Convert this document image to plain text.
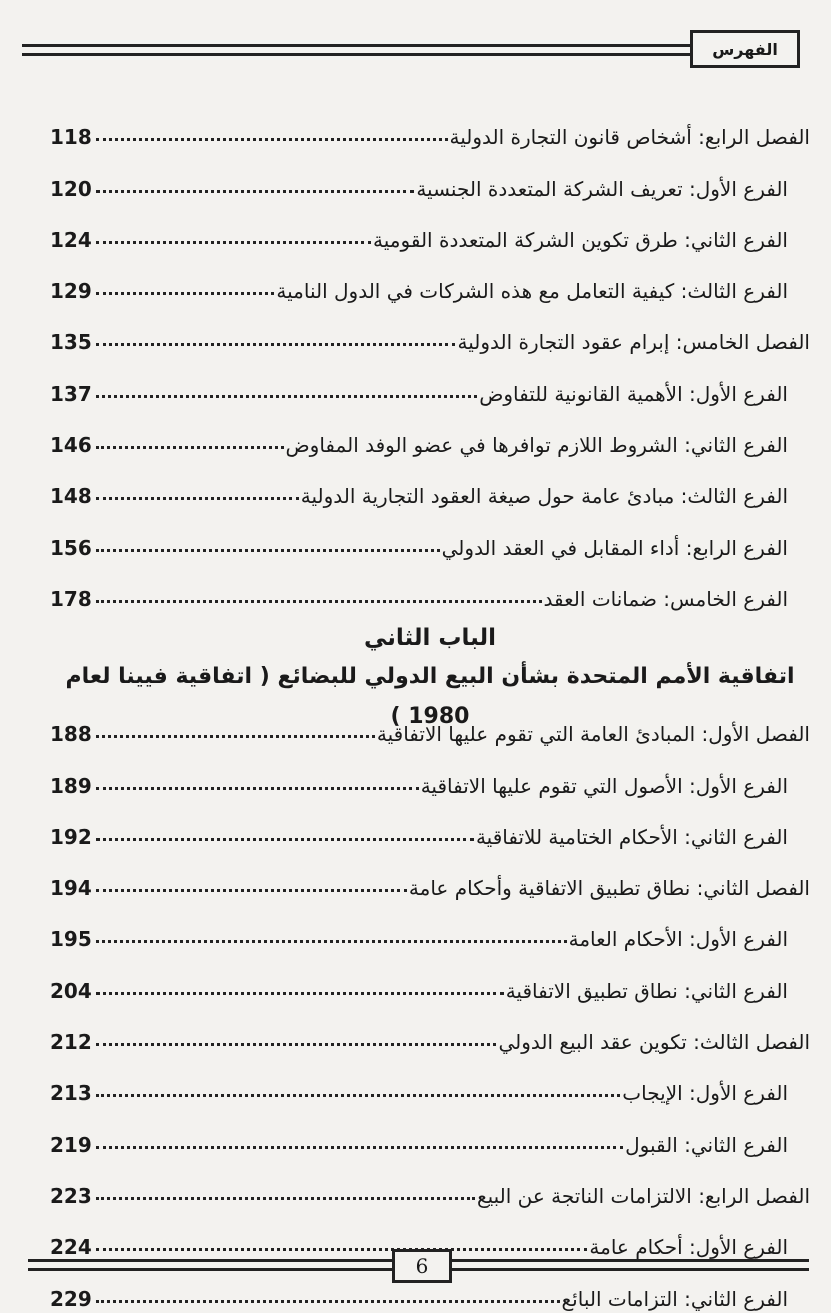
الفهرس
الفصل الرابع: أشخاص قانون التجارة الدولية
118
الفرع الأول: تعريف الشركة المتعددة الجنسية
120
الفرع الثاني: طرق تكوين الشركة المتعددة القومية
124
الفرع الثالث: كيفية التعامل مع هذه الشركات في الدول النامية
129
الفصل الخامس: إبرام عقود التجارة الدولية
135
الفرع الأول: الأهمية القانونية للتفاوض
137
الفرع الثاني: الشروط اللازم توافرها في عضو الوفد المفاوض
146
الفرع الثالث: مبادئ عامة حول صيغة العقود التجارية الدولية
148
الفرع الرابع: أداء المقابل في العقد الدولي
156
الفرع الخامس: ضمانات العقد
178
الباب الثاني
اتفاقية الأمم المتحدة بشأن البيع الدولي للبضائع ( اتفاقية فيينا لعام 1980 )
الفصل الأول: المبادئ العامة التي تقوم عليها الاتفاقية
188
الفرع الأول: الأصول التي تقوم عليها الاتفاقية
189
الفرع الثاني: الأحكام الختامية للاتفاقية
192
الفصل الثاني: نطاق تطبيق الاتفاقية وأحكام عامة
194
الفرع الأول: الأحكام العامة
195
الفرع الثاني: نطاق تطبيق الاتفاقية
204
الفصل الثالث: تكوين عقد البيع الدولي
212
الفرع الأول: الإيجاب
213
الفرع الثاني: القبول
219
الفصل الرابع: الالتزامات الناتجة عن البيع
223
الفرع الأول: أحكام عامة
224
الفرع الثاني: التزامات البائع
229
6
